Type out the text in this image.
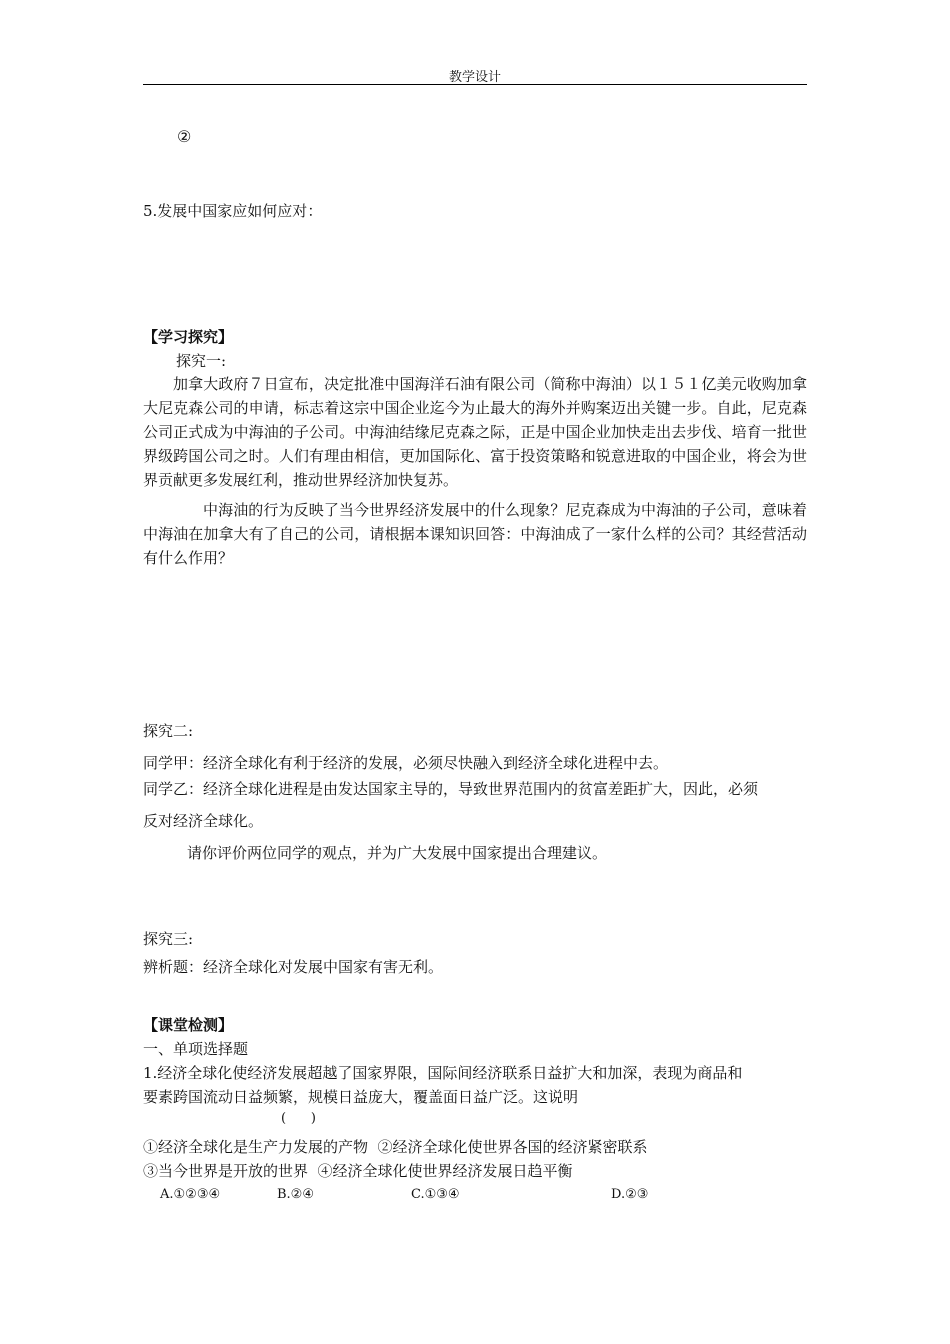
教学设计
②
5.发展中国家应如何应对：
【学习探究】
探究一:
加拿大政府７日宣布，决定批准中国海洋石油有限公司（简称中海油）以１５１亿美元收购加拿大尼克森公司的申请，标志着这宗中国企业迄今为止最大的海外并购案迈出关键一步。自此，尼克森公司正式成为中海油的子公司。中海油结缘尼克森之际，正是中国企业加快走出去步伐、培育一批世界级跨国公司之时。人们有理由相信，更加国际化、富于投资策略和锐意进取的中国企业，将会为世界贡献更多发展红利，推动世界经济加快复苏。
中海油的行为反映了当今世界经济发展中的什么现象？尼克森成为中海油的子公司，意味着中海油在加拿大有了自己的公司，请根据本课知识回答：中海油成了一家什么样的公司？其经营活动有什么作用？
探究二:
同学甲：经济全球化有利于经济的发展，必须尽快融入到经济全球化进程中去。
同学乙：经济全球化进程是由发达国家主导的，导致世界范围内的贫富差距扩大，因此，必须
反对经济全球化。
请你评价两位同学的观点，并为广大发展中国家提出合理建议。
探究三:
辨析题：经济全球化对发展中国家有害无利。
【课堂检测】
一、单项选择题
1.经济全球化使经济发展超越了国家界限，国际间经济联系日益扩大和加深，表现为商品和
要素跨国流动日益频繁，规模日益庞大，覆盖面日益广泛。这说明
(      )
①经济全球化是生产力发展的产物  ②经济全球化使世界各国的经济紧密联系
③当今世界是开放的世界  ④经济全球化使世界经济发展日趋平衡
A.①②③④	B.②④	C.①③④	D.②③
